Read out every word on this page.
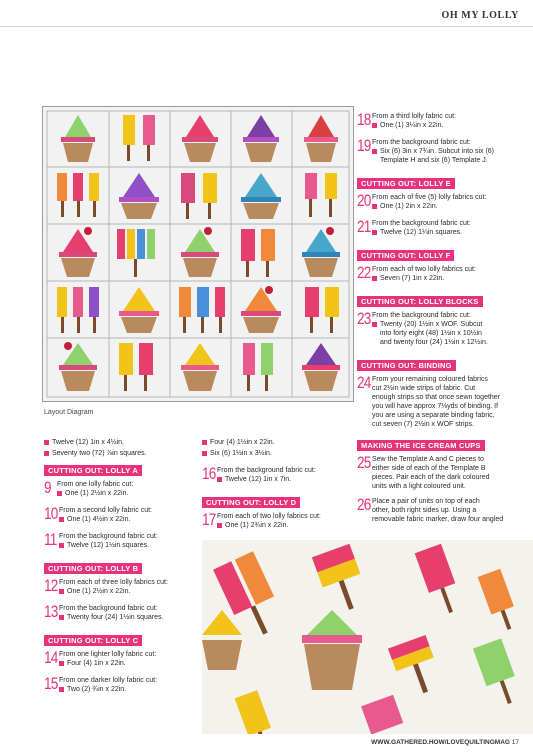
OH MY LOLLY
Layout Diagram
Twelve (12) 1in x 4½in.
Seventy two (72) ⅞in squares.
CUTTING OUT: LOLLY A
9 From one lolly fabric cut:
One (1) 2½in x 22in.
10 From a second lolly fabric cut:
One (1) 4½in x 22in.
11 From the background fabric cut:
Twelve (12) 1½in squares.
CUTTING OUT: LOLLY B
12 From each of three lolly fabrics cut:
One (1) 2½in x 22in.
13 From the background fabric cut:
Twenty four (24) 1½in squares.
CUTTING OUT: LOLLY C
14 From one lighter lolly fabric cut:
Four (4) 1in x 22in.
15 From one darker lolly fabric cut:
Two (2) ¾in x 22in.
Four (4) 1½in x 22in.
Six (6) 1½in x 3½in.
16 From the background fabric cut:
Twelve (12) 1in x 7in.
CUTTING OUT: LOLLY D
17 From each of two lolly fabrics cut:
One (1) 2¾in x 22in.
18 From a third lolly fabric cut:
One (1) 3¼in x 22in.
19 From the background fabric cut:
Six (6) 3in x 7¾in. Subcut into six (6)
Template H and six (6) Template J.
CUTTING OUT: LOLLY E
20 From each of five (5) lolly fabrics cut:
One (1) 2in x 22in.
21 From the background fabric cut:
Twelve (12) 1¼in squares.
CUTTING OUT: LOLLY F
22 From each of two lolly fabrics cut:
Seven (7) 1in x 22in.
CUTTING OUT: LOLLY BLOCKS
23 From the background fabric cut:
Twenty (20) 1½in x WOF. Subcut
into forty eight (48) 1½in x 10½in
and twenty four (24) 1½in x 12½in.
CUTTING OUT: BINDING
24 From your remaining coloured fabrics
cut 2½in wide strips of fabric. Cut
enough strips so that once sewn together
you will have approx 7⅛yds of binding. If
you are using a separate binding fabric,
cut seven (7) 2½in x WOF strips.
MAKING THE ICE CREAM CUPS
25 Sew the Template A and C pieces to
either side of each of the Template B
pieces. Pair each of the dark coloured
units with a light coloured unit.
26 Place a pair of units on top of each
other, both right sides up. Using a
removable fabric marker, draw four angled
WWW.GATHERED.HOW/LOVEQUILTINGMAG 17
